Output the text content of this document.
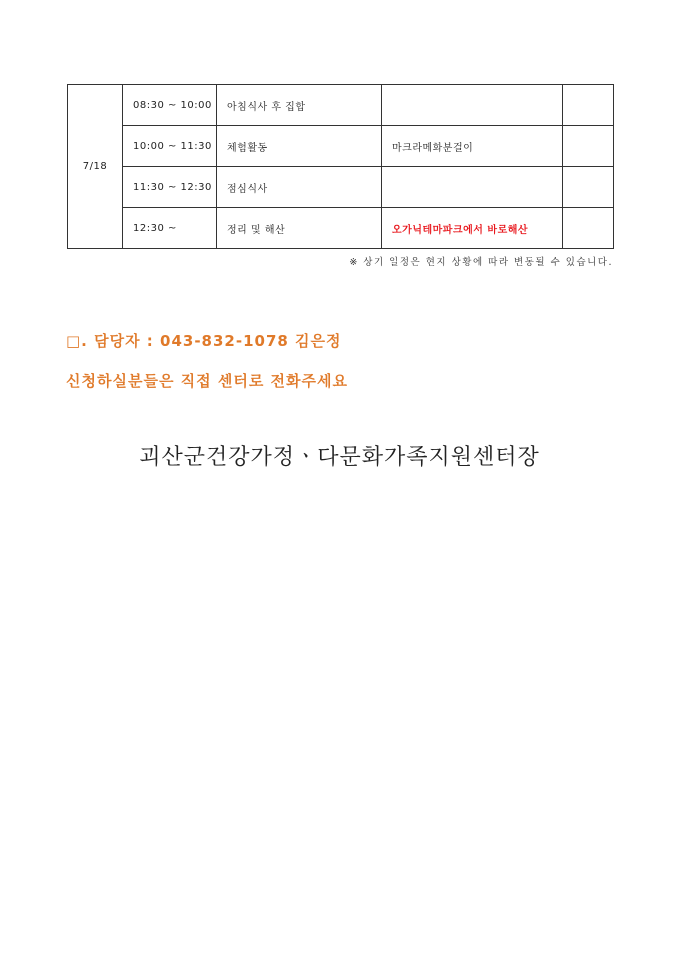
7/18	08:30 ~ 10:00	아침식사 후 집합		
	10:00 ~ 11:30	체험활동	마크라메화분걸이	
	11:30 ~ 12:30	점심식사		
	12:30 ~	정리 및 해산	오가닉테마파크에서 바로해산	
※ 상기 일정은 현지 상황에 따라 변동될 수 있습니다.
□. 담당자 : 043-832-1078 김은정
신청하실분들은 직접 센터로 전화주세요
괴산군건강가정ㆍ다문화가족지원센터장
